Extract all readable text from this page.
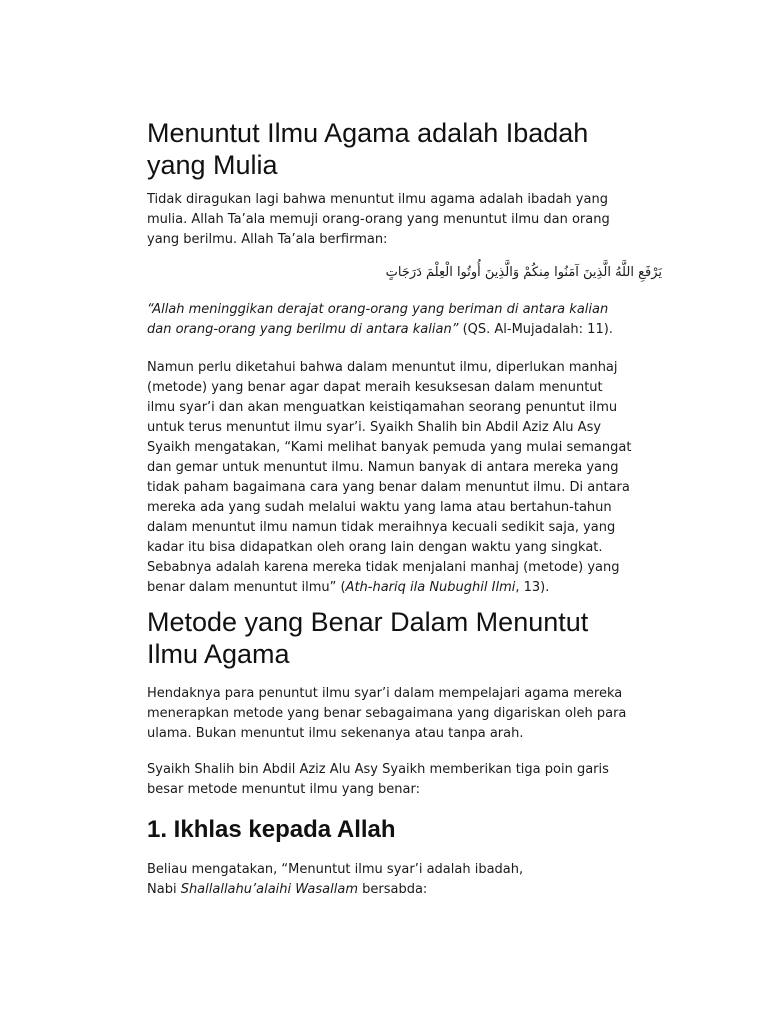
Menuntut Ilmu Agama adalah Ibadah
yang Mulia

Tidak diragukan lagi bahwa menuntut ilmu agama adalah ibadah yang
mulia. Allah Ta’ala memuji orang-orang yang menuntut ilmu dan orang
yang berilmu. Allah Ta’ala berfirman:

يَرْفَعِ اللَّهُ الَّذِينَ آمَنُوا مِنكُمْ وَالَّذِينَ أُوتُوا الْعِلْمَ دَرَجَاتٍ

“Allah meninggikan derajat orang-orang yang beriman di antara kalian
dan orang-orang yang berilmu di antara kalian” (QS. Al-Mujadalah: 11).

Namun perlu diketahui bahwa dalam menuntut ilmu, diperlukan manhaj
(metode) yang benar agar dapat meraih kesuksesan dalam menuntut
ilmu syar’i dan akan menguatkan keistiqamahan seorang penuntut ilmu
untuk terus menuntut ilmu syar’i. Syaikh Shalih bin Abdil Aziz Alu Asy
Syaikh mengatakan, “Kami melihat banyak pemuda yang mulai semangat
dan gemar untuk menuntut ilmu. Namun banyak di antara mereka yang
tidak paham bagaimana cara yang benar dalam menuntut ilmu. Di antara
mereka ada yang sudah melalui waktu yang lama atau bertahun-tahun
dalam menuntut ilmu namun tidak meraihnya kecuali sedikit saja, yang
kadar itu bisa didapatkan oleh orang lain dengan waktu yang singkat.
Sebabnya adalah karena mereka tidak menjalani manhaj (metode) yang
benar dalam menuntut ilmu” (Ath-hariq ila Nubughil Ilmi, 13).

Metode yang Benar Dalam Menuntut
Ilmu Agama

Hendaknya para penuntut ilmu syar’i dalam mempelajari agama mereka
menerapkan metode yang benar sebagaimana yang digariskan oleh para
ulama. Bukan menuntut ilmu sekenanya atau tanpa arah.

Syaikh Shalih bin Abdil Aziz Alu Asy Syaikh memberikan tiga poin garis
besar metode menuntut ilmu yang benar:

1. Ikhlas kepada Allah

Beliau mengatakan, “Menuntut ilmu syar’i adalah ibadah,
Nabi Shallallahu’alaihi Wasallam bersabda:
